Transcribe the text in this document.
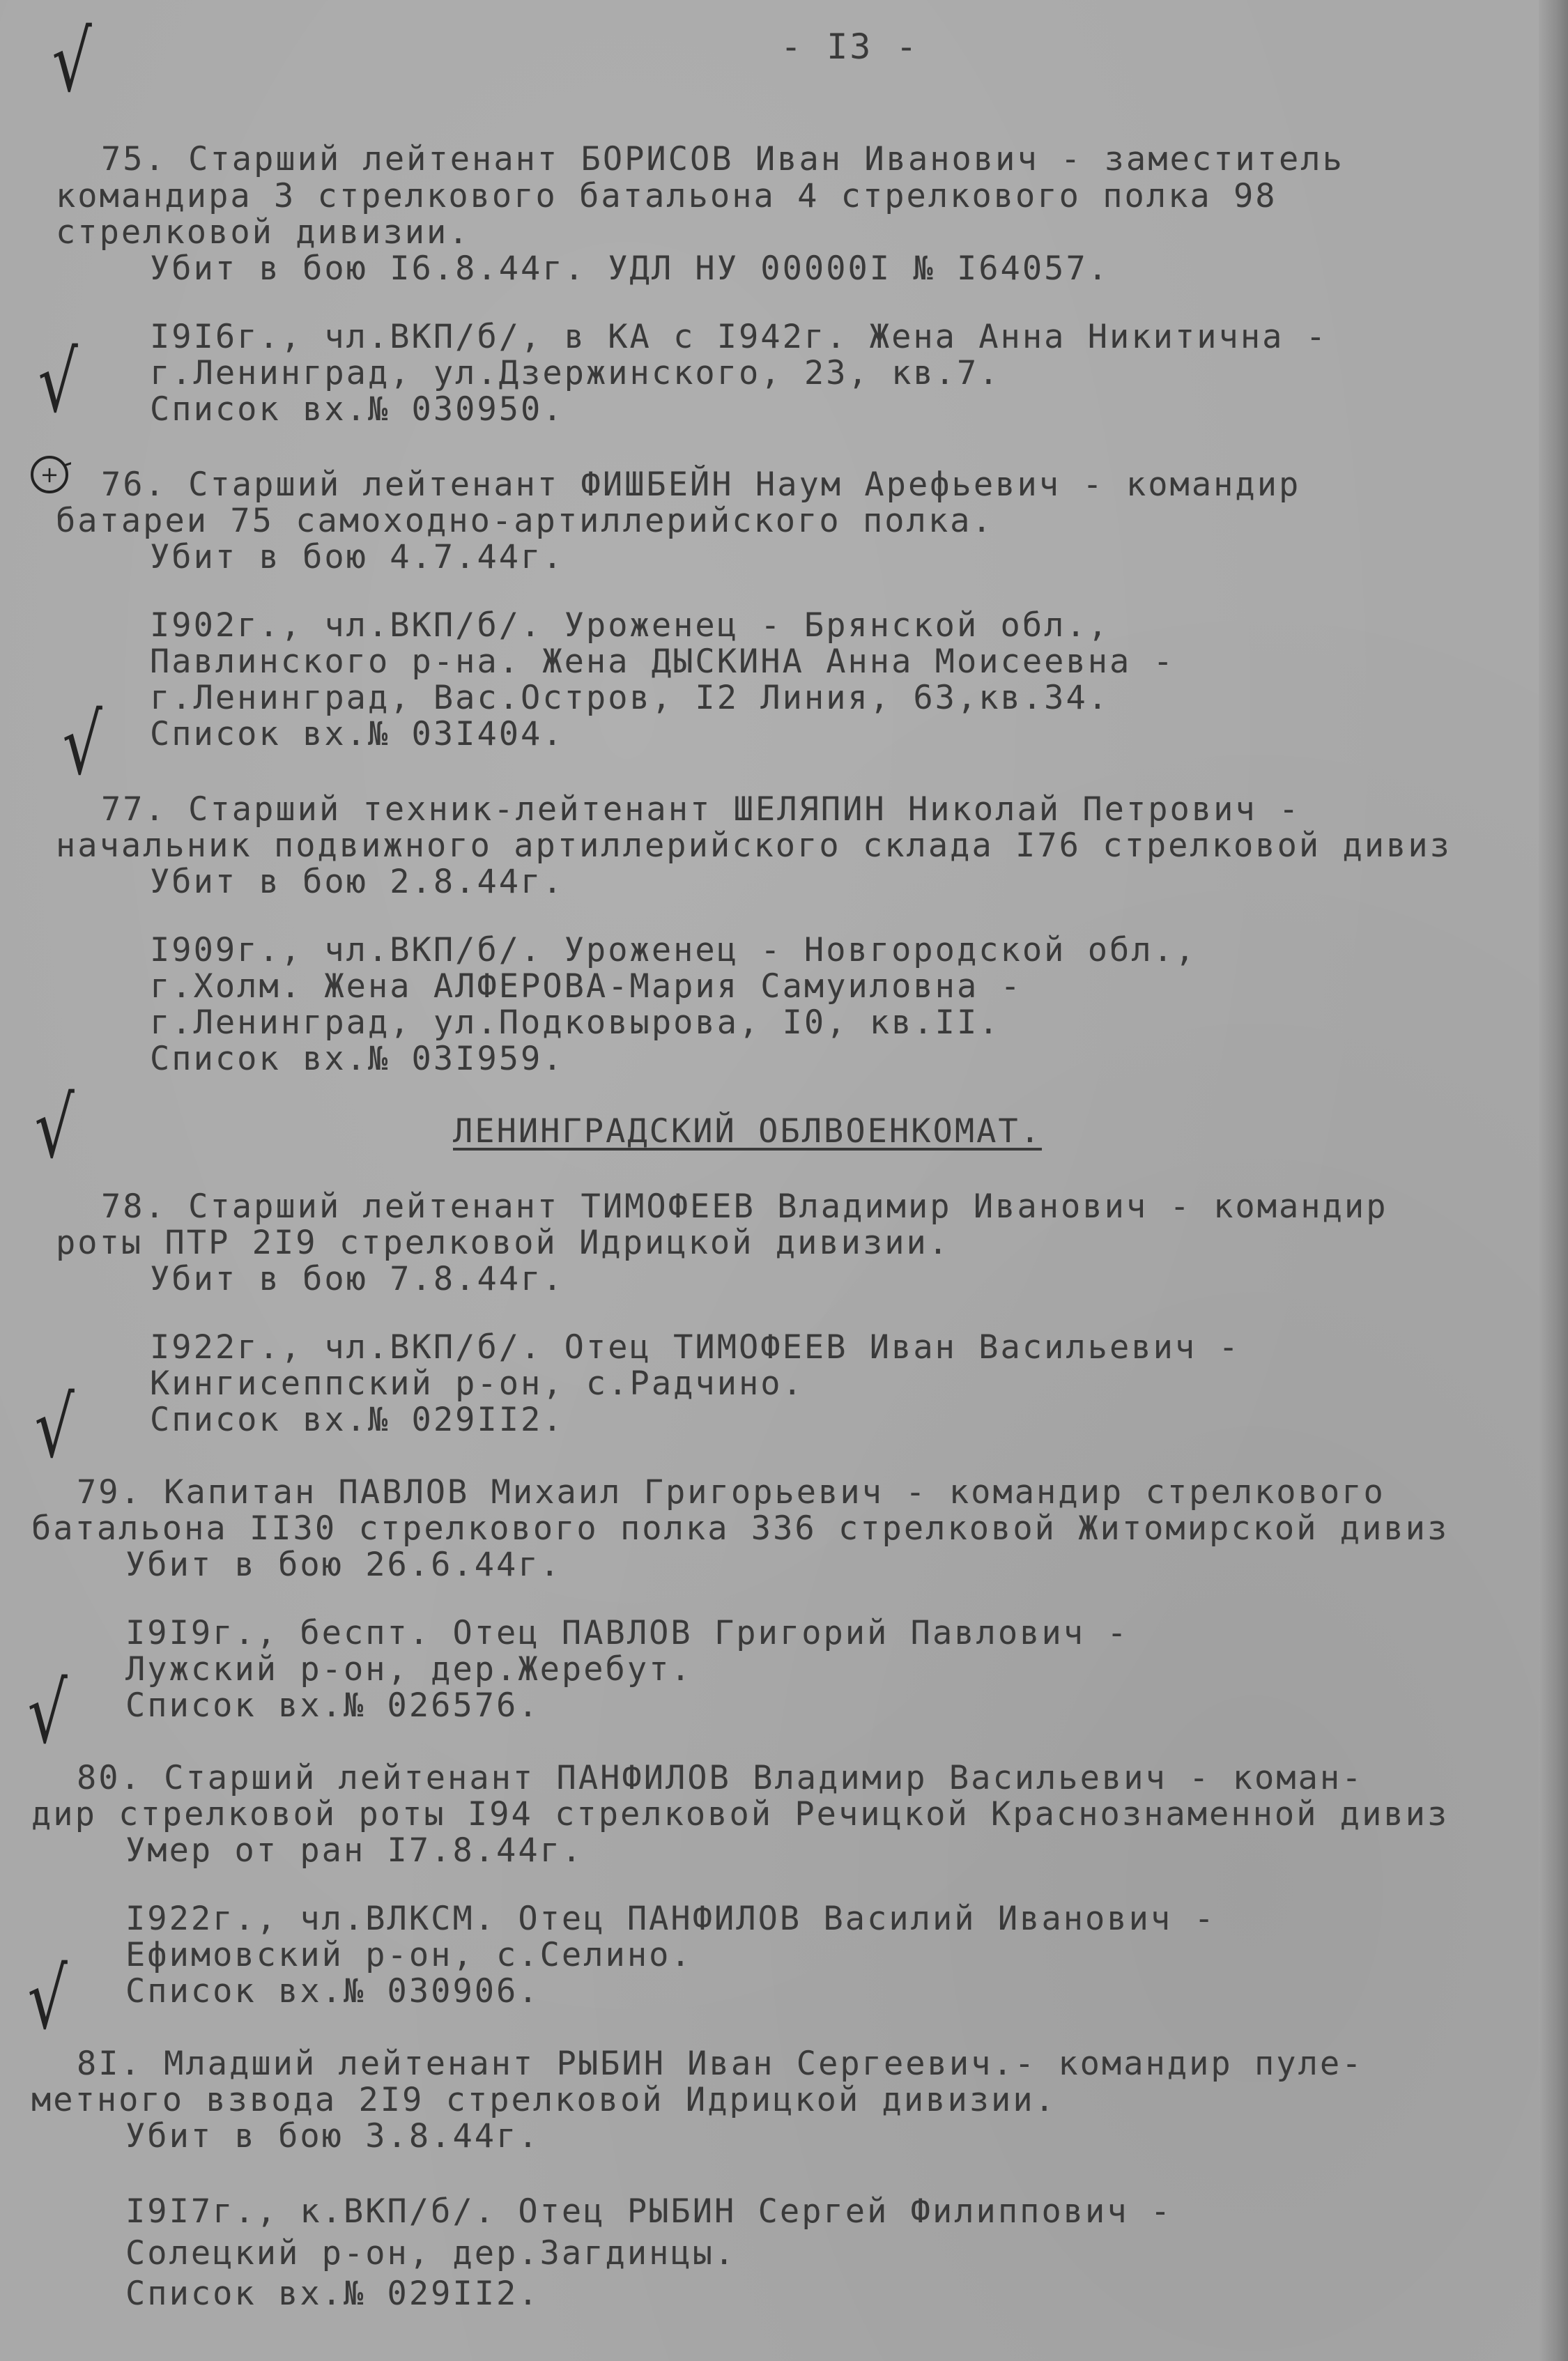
- I3 -
75. Старший лейтенант БОРИСОВ Иван Иванович - заместитель
командира 3 стрелкового батальона 4 стрелкового полка 98
стрелковой дивизии.
Убит в бою I6.8.44г. УДЛ НУ 00000I № I64057.
I9I6г., чл.ВКП/б/, в КА с I942г. Жена Анна Никитична -
г.Ленинград, ул.Дзержинского, 23, кв.7.
Список вх.№ 030950.
76. Старший лейтенант ФИШБЕЙН Наум Арефьевич - командир
батареи 75 самоходно-артиллерийского полка.
Убит в бою 4.7.44г.
I902г., чл.ВКП/б/. Уроженец - Брянской обл.,
Павлинского р-на. Жена ДЫСКИНА Анна Моисеевна -
г.Ленинград, Вас.Остров, I2 Линия, 63,кв.34.
Список вх.№ 03I404.
77. Старший техник-лейтенант ШЕЛЯПИН Николай Петрович -
начальник подвижного артиллерийского склада I76 стрелковой дивиз
Убит в бою 2.8.44г.
I909г., чл.ВКП/б/. Уроженец - Новгородской обл.,
г.Холм. Жена АЛФЕРОВА-Мария Самуиловна -
г.Ленинград, ул.Подковырова, I0, кв.II.
Список вх.№ 03I959.
ЛЕНИНГРАДСКИЙ ОБЛВОЕНКОМАТ.
78. Старший лейтенант ТИМОФЕЕВ Владимир Иванович - командир
роты ПТР 2I9 стрелковой Идрицкой дивизии.
Убит в бою 7.8.44г.
I922г., чл.ВКП/б/. Отец ТИМОФЕЕВ Иван Васильевич -
Кингисеппский р-он, с.Радчино.
Список вх.№ 029II2.
79. Капитан ПАВЛОВ Михаил Григорьевич - командир стрелкового
батальона II30 стрелкового полка 336 стрелковой Житомирской дивиз
Убит в бою 26.6.44г.
I9I9г., беспт. Отец ПАВЛОВ Григорий Павлович -
Лужский р-он, дер.Жеребут.
Список вх.№ 026576.
80. Старший лейтенант ПАНФИЛОВ Владимир Васильевич - коман-
дир стрелковой роты I94 стрелковой Речицкой Краснознаменной дивиз
Умер от ран I7.8.44г.
I922г., чл.ВЛКСМ. Отец ПАНФИЛОВ Василий Иванович -
Ефимовский р-он, с.Селино.
Список вх.№ 030906.
8I. Младший лейтенант РЫБИН Иван Сергеевич.- командир пуле-
метного взвода 2I9 стрелковой Идрицкой дивизии.
Убит в бою 3.8.44г.
I9I7г., к.ВКП/б/. Отец РЫБИН Сергей Филиппович -
Солецкий р-он, дер.Загдинцы.
Список вх.№ 029II2.
√
√
√
√
√
√
√
+
